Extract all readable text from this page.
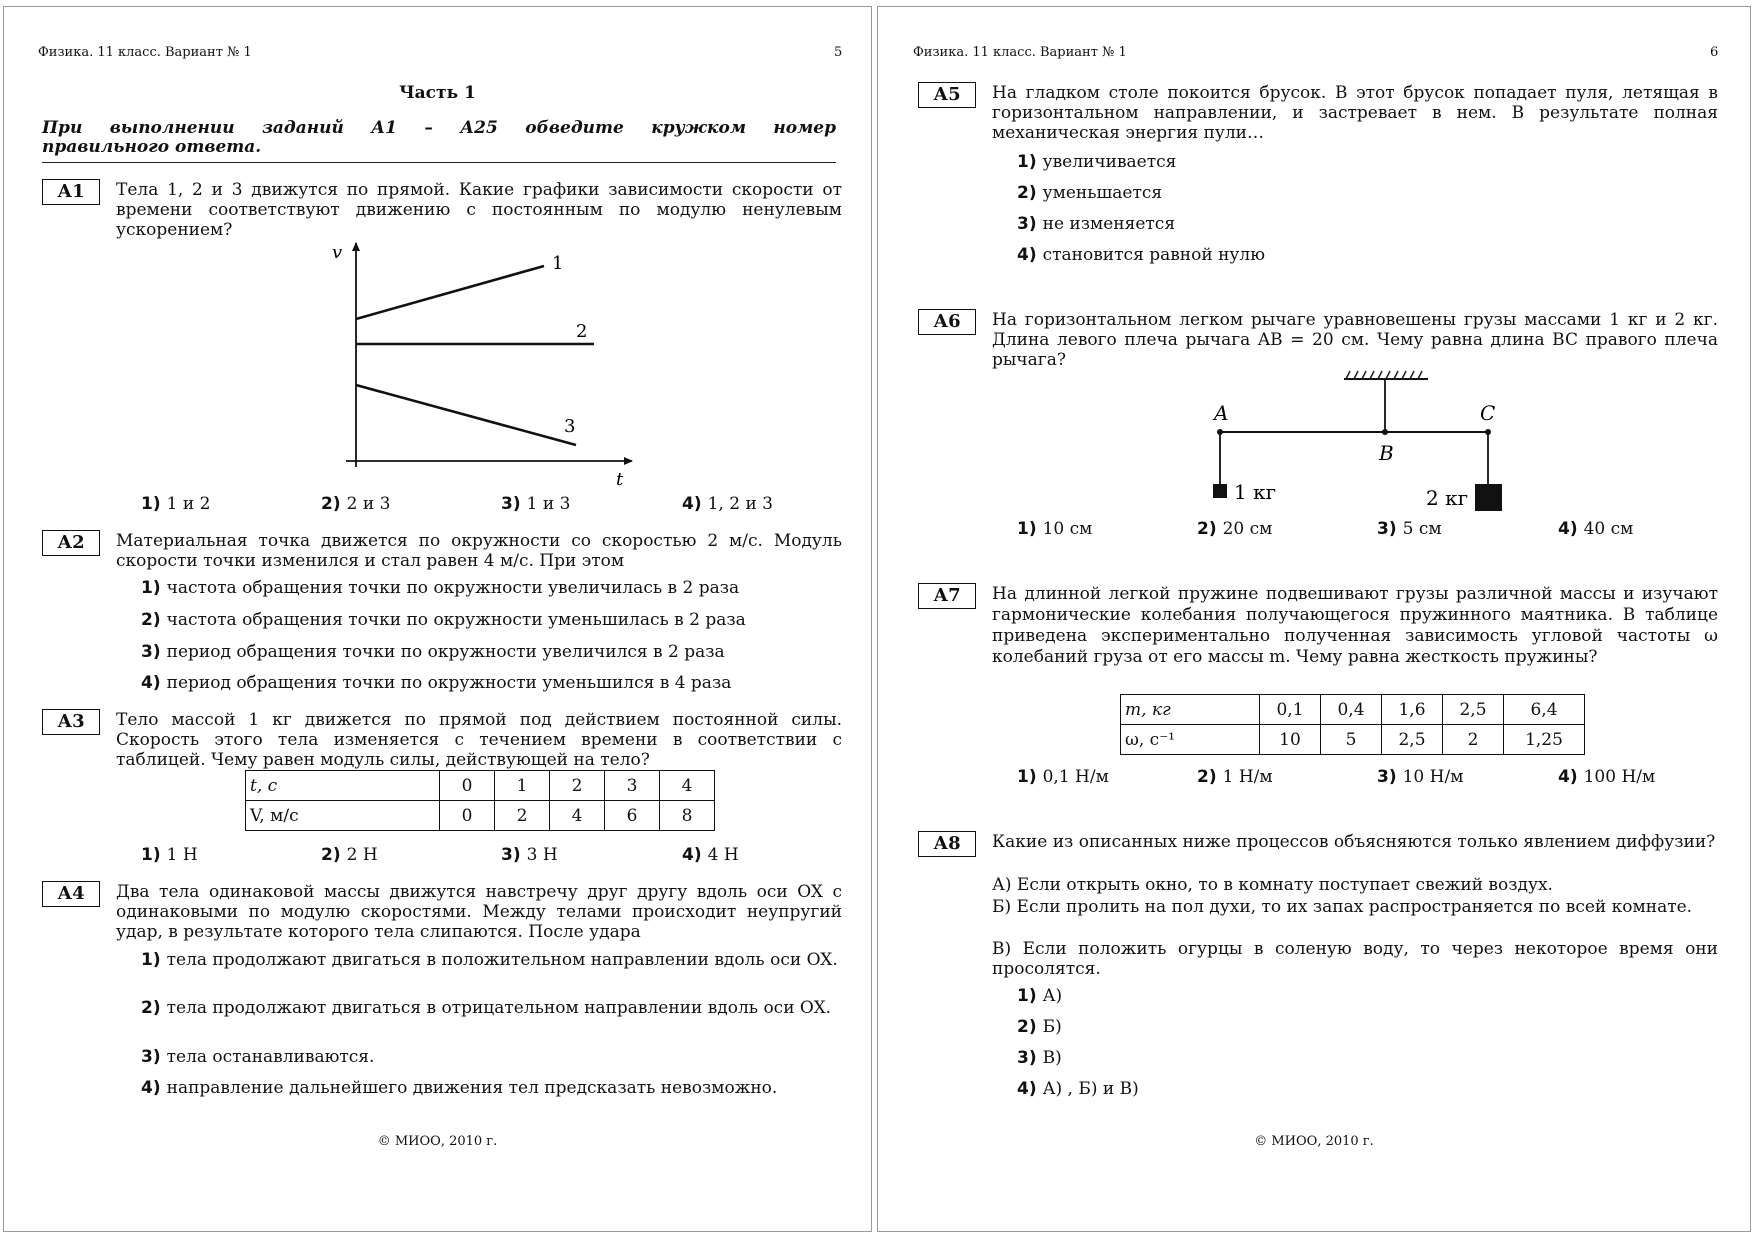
Физика. 11 класс. Вариант № 1	5
Часть 1
При выполнении заданий А1 – А25 обведите кружком номер
правильного ответа.
А1	Тела 1, 2 и 3 движутся по прямой. Какие графики зависимости скорости от времени соответствуют движению с постоянным по модулю ненулевым ускорением?
v
t
1
2
3
1) 1 и 2	2) 2 и 3	3) 1 и 3	4) 1, 2 и 3
А2	Материальная точка движется по окружности со скоростью 2 м/с. Модуль скорости точки изменился и стал равен 4 м/с. При этом
1) частота обращения точки по окружности увеличилась в 2 раза
2) частота обращения точки по окружности уменьшилась в 2 раза
3) период обращения точки по окружности увеличился в 2 раза
4) период обращения точки по окружности уменьшился в 4 раза
А3	Тело массой 1 кг движется по прямой под действием постоянной силы. Скорость этого тела изменяется с течением времени в соответствии с таблицей. Чему равен модуль силы, действующей на тело?
t, с	0	1	2	3	4
V, м/с	0	2	4	6	8
1) 1 Н	2) 2 Н	3) 3 Н	4) 4 Н
А4	Два тела одинаковой массы движутся навстречу друг другу вдоль оси OX с одинаковыми по модулю скоростями. Между телами происходит неупругий удар, в результате которого тела слипаются. После удара
1) тела продолжают двигаться в положительном направлении вдоль оси OX.
2) тела продолжают двигаться в отрицательном направлении вдоль оси OX.
3) тела останавливаются.
4) направление дальнейшего движения тел предсказать невозможно.
© МИОО, 2010 г.
Физика. 11 класс. Вариант № 1	6
А5	На гладком столе покоится брусок. В этот брусок попадает пуля, летящая в горизонтальном направлении, и застревает в нем. В результате полная механическая энергия пули…
1) увеличивается
2) уменьшается
3) не изменяется
4) становится равной нулю
А6	На горизонтальном легком рычаге уравновешены грузы массами 1 кг и 2 кг. Длина левого плеча рычага AB = 20 см. Чему равна длина BC правого плеча рычага?
A
B
C
1 кг	2 кг
1) 10 см	2) 20 см	3) 5 см	4) 40 см
А7	На длинной легкой пружине подвешивают грузы различной массы и изучают гармонические колебания получающегося пружинного маятника. В таблице приведена экспериментально полученная зависимость угловой частоты ω колебаний груза от его массы m. Чему равна жесткость пружины?
m, кг	0,1	0,4	1,6	2,5	6,4
ω, с⁻¹	10	5	2,5	2	1,25
1) 0,1 Н/м	2) 1 Н/м	3) 10 Н/м	4) 100 Н/м
А8	Какие из описанных ниже процессов объясняются только явлением диффузии?
А) Если открыть окно, то в комнату поступает свежий воздух.
Б) Если пролить на пол духи, то их запах распространяется по всей комнате.
В) Если положить огурцы в соленую воду, то через некоторое время они просолятся.
1) А)
2) Б)
3) В)
4) А) , Б) и В)
© МИОО, 2010 г.
